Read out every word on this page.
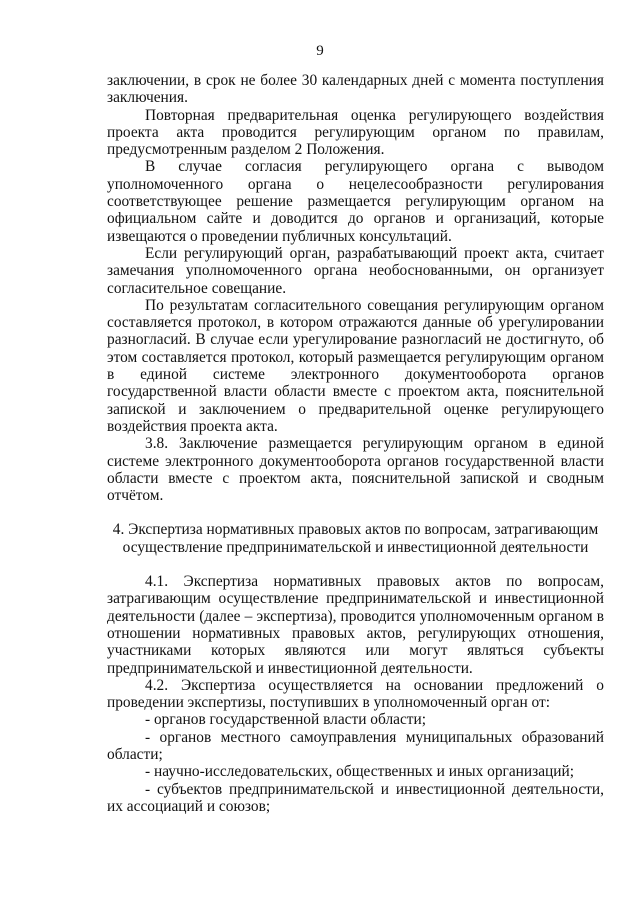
9

заключении, в срок не более 30 календарных дней с момента поступления заключения.

Повторная предварительная оценка регулирующего воздействия проекта акта проводится регулирующим органом по правилам, предусмотренным разделом 2 Положения.

В случае согласия регулирующего органа с выводом уполномоченного органа о нецелесообразности регулирования соответствующее решение размещается регулирующим органом на официальном сайте и доводится до органов и организаций, которые извещаются о проведении публичных консультаций.

Если регулирующий орган, разрабатывающий проект акта, считает замечания уполномоченного органа необоснованными, он организует согласительное совещание.

По результатам согласительного совещания регулирующим органом составляется протокол, в котором отражаются данные об урегулировании разногласий. В случае если урегулирование разногласий не достигнуто, об этом составляется протокол, который размещается регулирующим органом в единой системе электронного документооборота органов государственной власти области вместе с проектом акта, пояснительной запиской и заключением о предварительной оценке регулирующего воздействия проекта акта.

3.8. Заключение размещается регулирующим органом в единой системе электронного документооборота органов государственной власти области вместе с проектом акта, пояснительной запиской и сводным отчётом.

4. Экспертиза нормативных правовых актов по вопросам, затрагивающим осуществление предпринимательской и инвестиционной деятельности

4.1. Экспертиза нормативных правовых актов по вопросам, затрагивающим осуществление предпринимательской и инвестиционной деятельности (далее – экспертиза), проводится уполномоченным органом в отношении нормативных правовых актов, регулирующих отношения, участниками которых являются или могут являться субъекты предпринимательской и инвестиционной деятельности.

4.2. Экспертиза осуществляется на основании предложений о проведении экспертизы, поступивших в уполномоченный орган от:

- органов государственной власти области;

- органов местного самоуправления муниципальных образований области;

- научно-исследовательских, общественных и иных организаций;

- субъектов предпринимательской и инвестиционной деятельности, их ассоциаций и союзов;
